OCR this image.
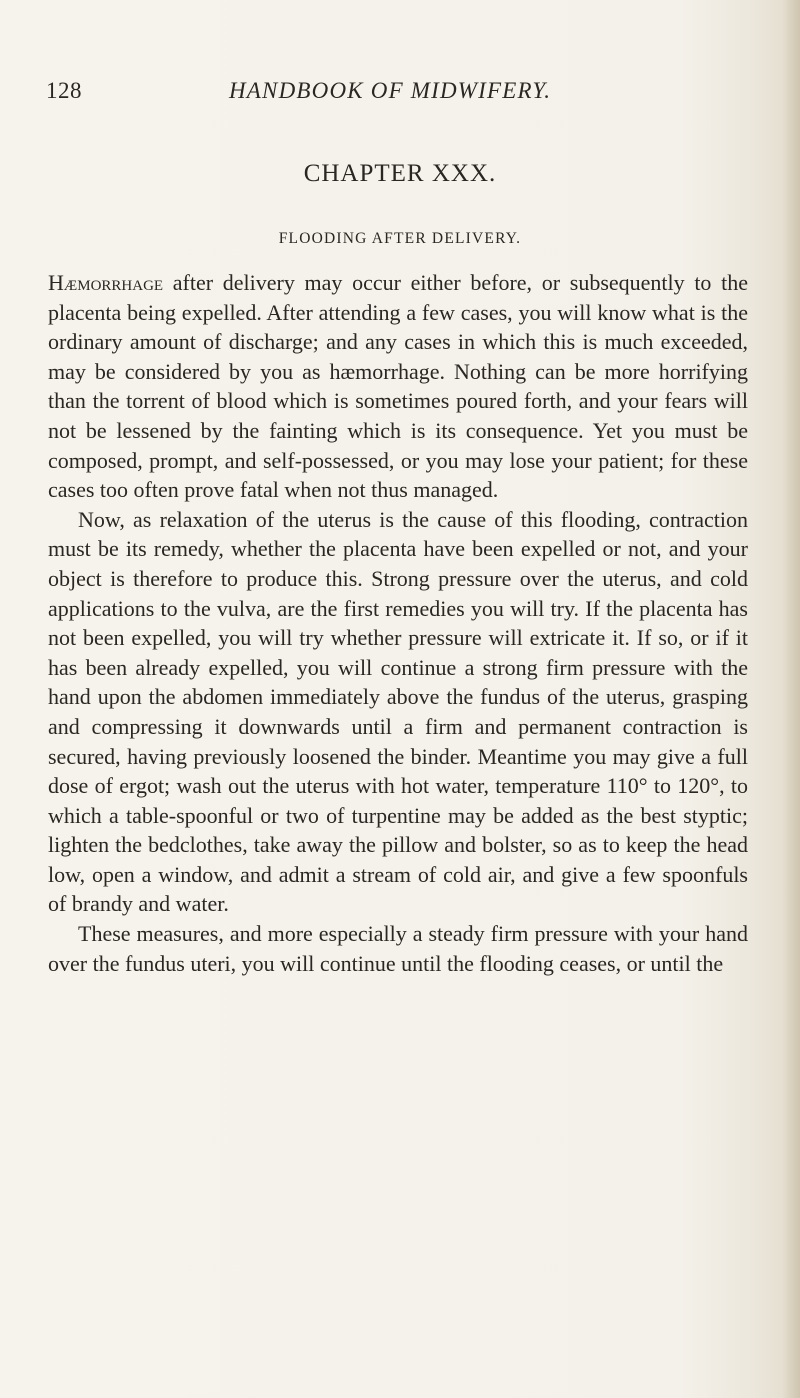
128	HANDBOOK OF MIDWIFERY.
CHAPTER XXX.
FLOODING AFTER DELIVERY.

Hæmorrhage after delivery may occur either before, or subsequently to the placenta being expelled. After attending a few cases, you will know what is the ordinary amount of discharge; and any cases in which this is much exceeded, may be considered by you as hæmorrhage. Nothing can be more horrifying than the torrent of blood which is sometimes poured forth, and your fears will not be lessened by the fainting which is its consequence. Yet you must be composed, prompt, and self-possessed, or you may lose your patient; for these cases too often prove fatal when not thus managed.

Now, as relaxation of the uterus is the cause of this flooding, contraction must be its remedy, whether the placenta have been expelled or not, and your object is therefore to produce this. Strong pressure over the uterus, and cold applications to the vulva, are the first remedies you will try. If the placenta has not been expelled, you will try whether pressure will extricate it. If so, or if it has been already expelled, you will continue a strong firm pressure with the hand upon the abdomen immediately above the fundus of the uterus, grasping and compressing it downwards until a firm and permanent contraction is secured, having previously loosened the binder. Meantime you may give a full dose of ergot; wash out the uterus with hot water, temperature 110° to 120°, to which a table-spoonful or two of turpentine may be added as the best styptic; lighten the bedclothes, take away the pillow and bolster, so as to keep the head low, open a window, and admit a stream of cold air, and give a few spoonfuls of brandy and water.

These measures, and more especially a steady firm pressure with your hand over the fundus uteri, you will continue until the flooding ceases, or until the
